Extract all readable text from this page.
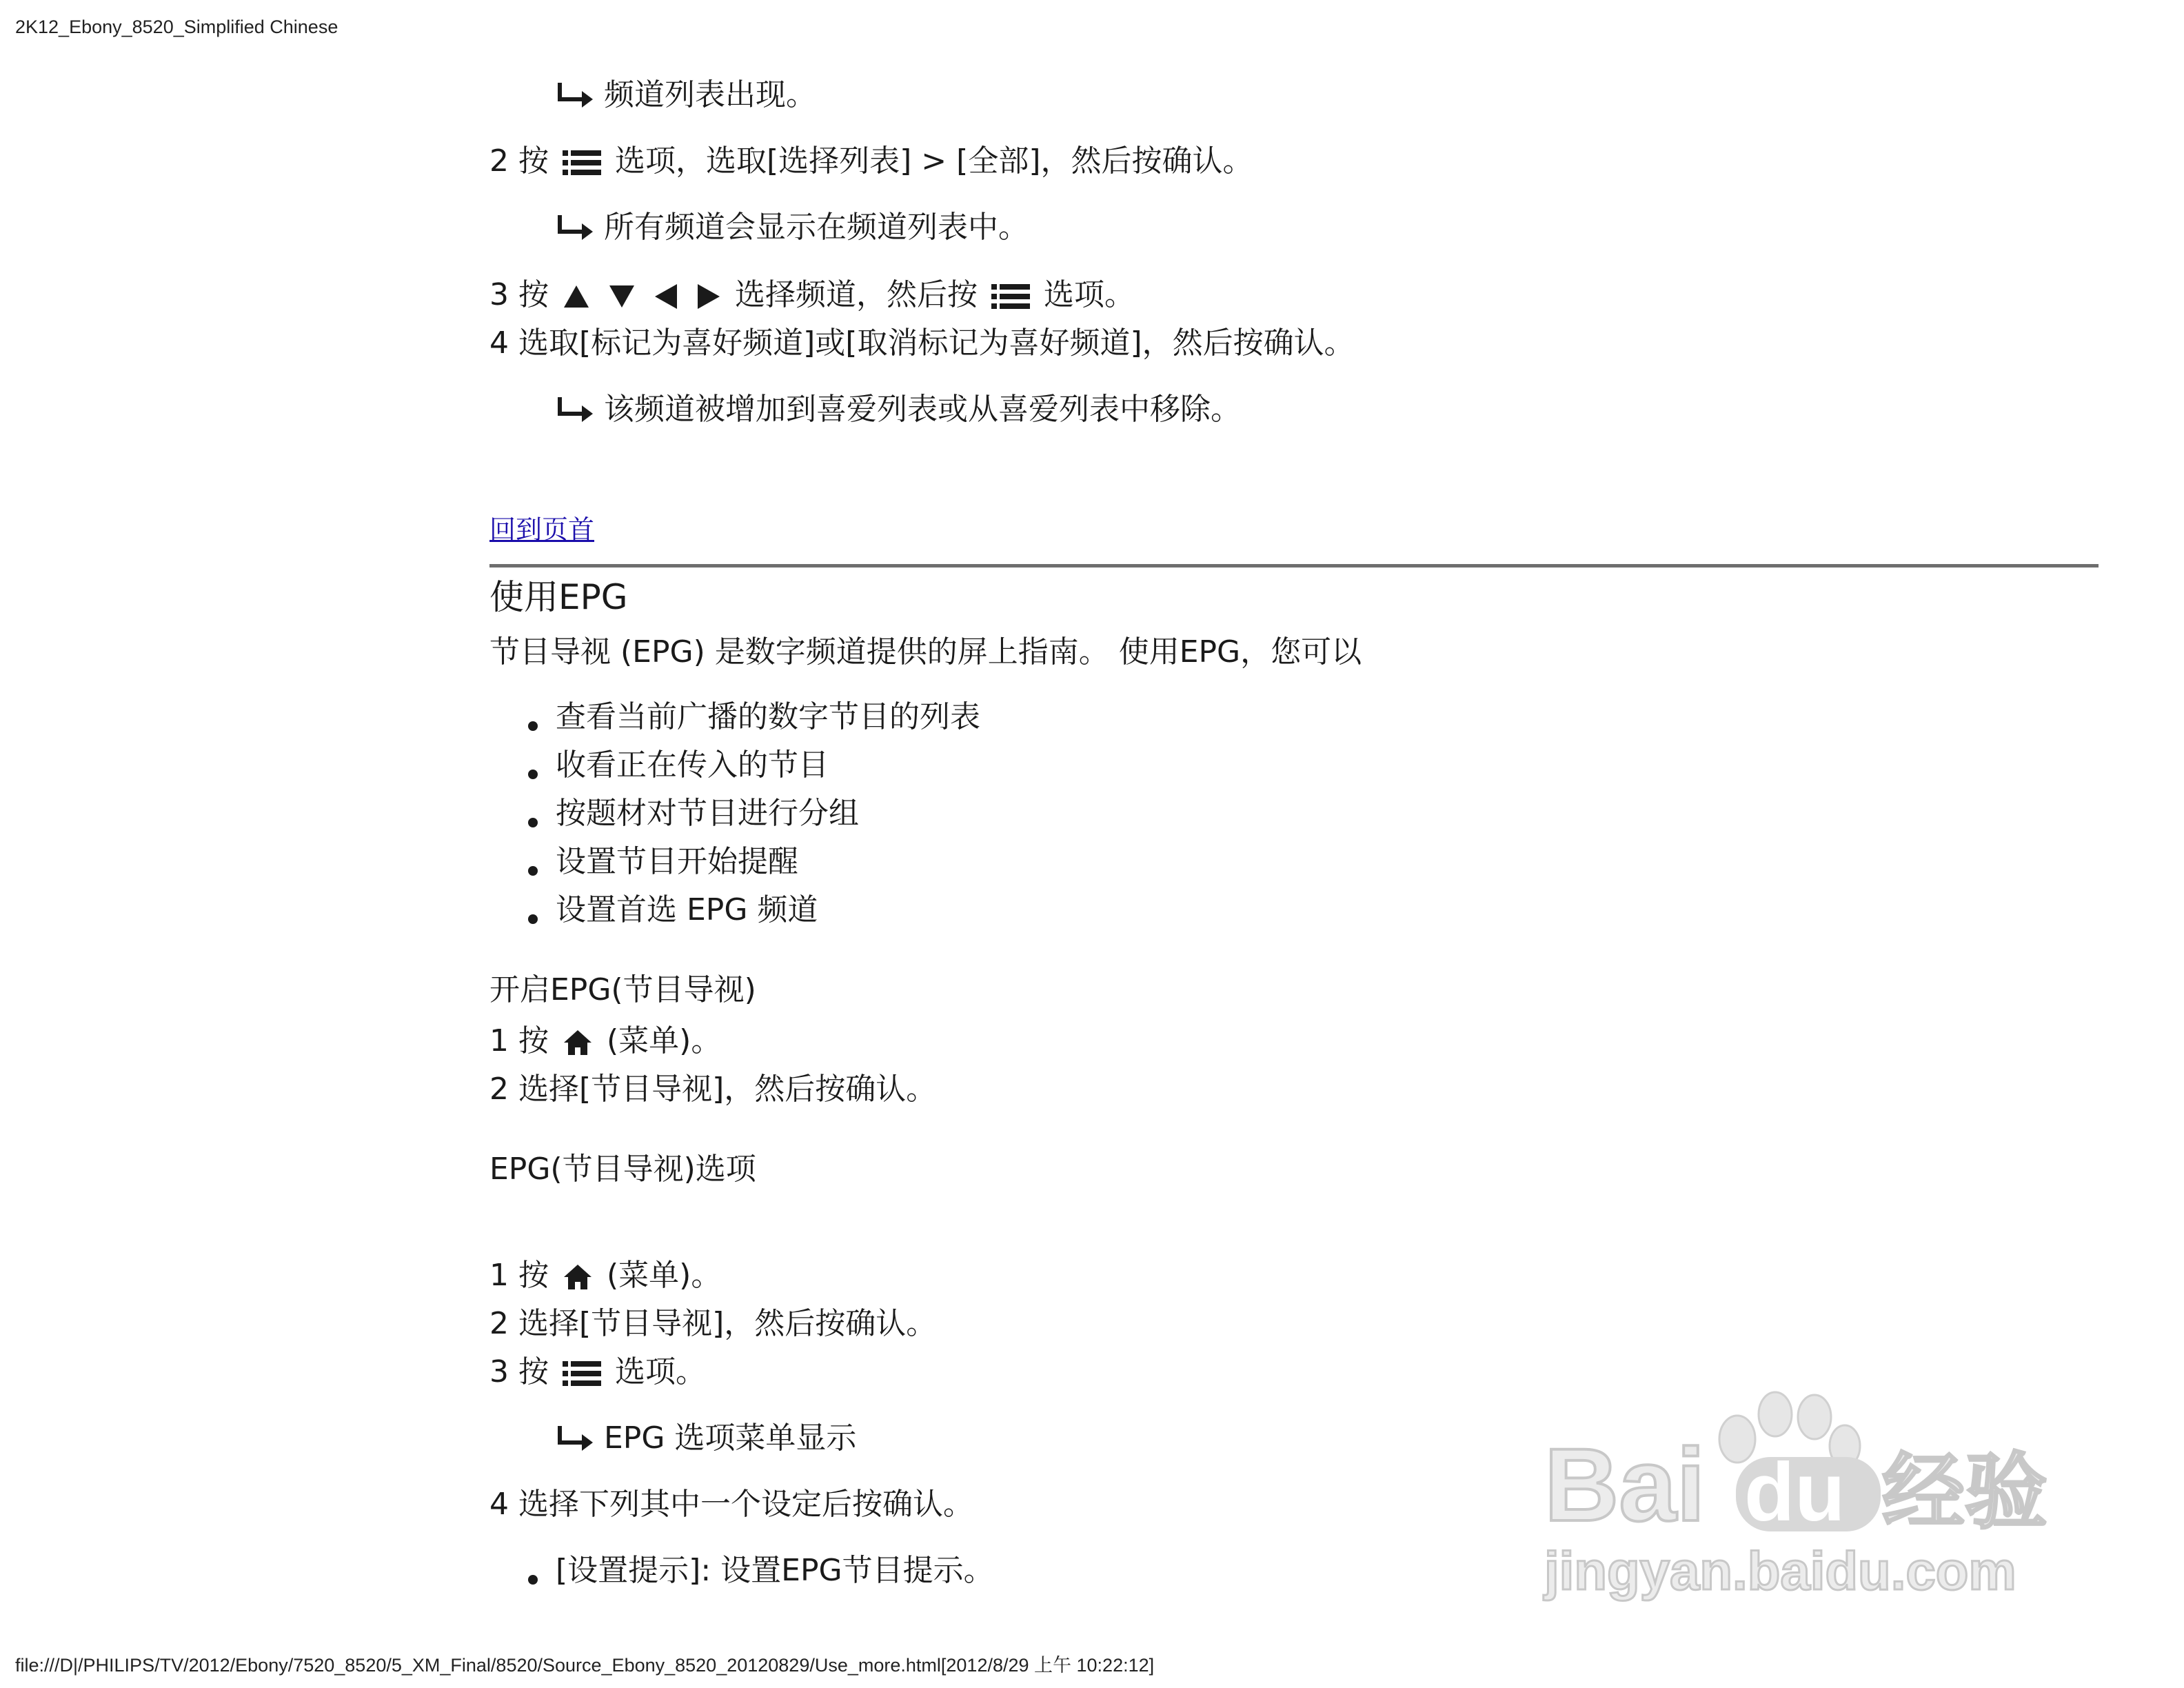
2K12_Ebony_8520_Simplified Chinese
频道列表出现。
2 按 选项，选取[选择列表] > [全部]，然后按确认。
所有频道会显示在频道列表中。
3 按	选择频道，然后按 选项。
4 选取[标记为喜好频道]或[取消标记为喜好频道]，然后按确认。
该频道被增加到喜爱列表或从喜爱列表中移除。
回到页首
使用EPG
节目导视 (EPG) 是数字频道提供的屏上指南。 使用EPG，您可以
查看当前广播的数字节目的列表
收看正在传入的节目
按题材对节目进行分组
设置节目开始提醒
设置首选 EPG 频道
开启EPG(节目导视)
1 按 (菜单)。
2 选择[节目导视]，然后按确认。
EPG(节目导视)选项
1 按 (菜单)。
2 选择[节目导视]，然后按确认。
3 按 选项。
EPG 选项菜单显示
4 选择下列其中一个设定后按确认。
[设置提示]: 设置EPG节目提示。
Bai du 经验
jingyan.baidu.com
file:///D|/PHILIPS/TV/2012/Ebony/7520_8520/5_XM_Final/8520/Source_Ebony_8520_20120829/Use_more.html[2012/8/29 上午 10:22:12]
